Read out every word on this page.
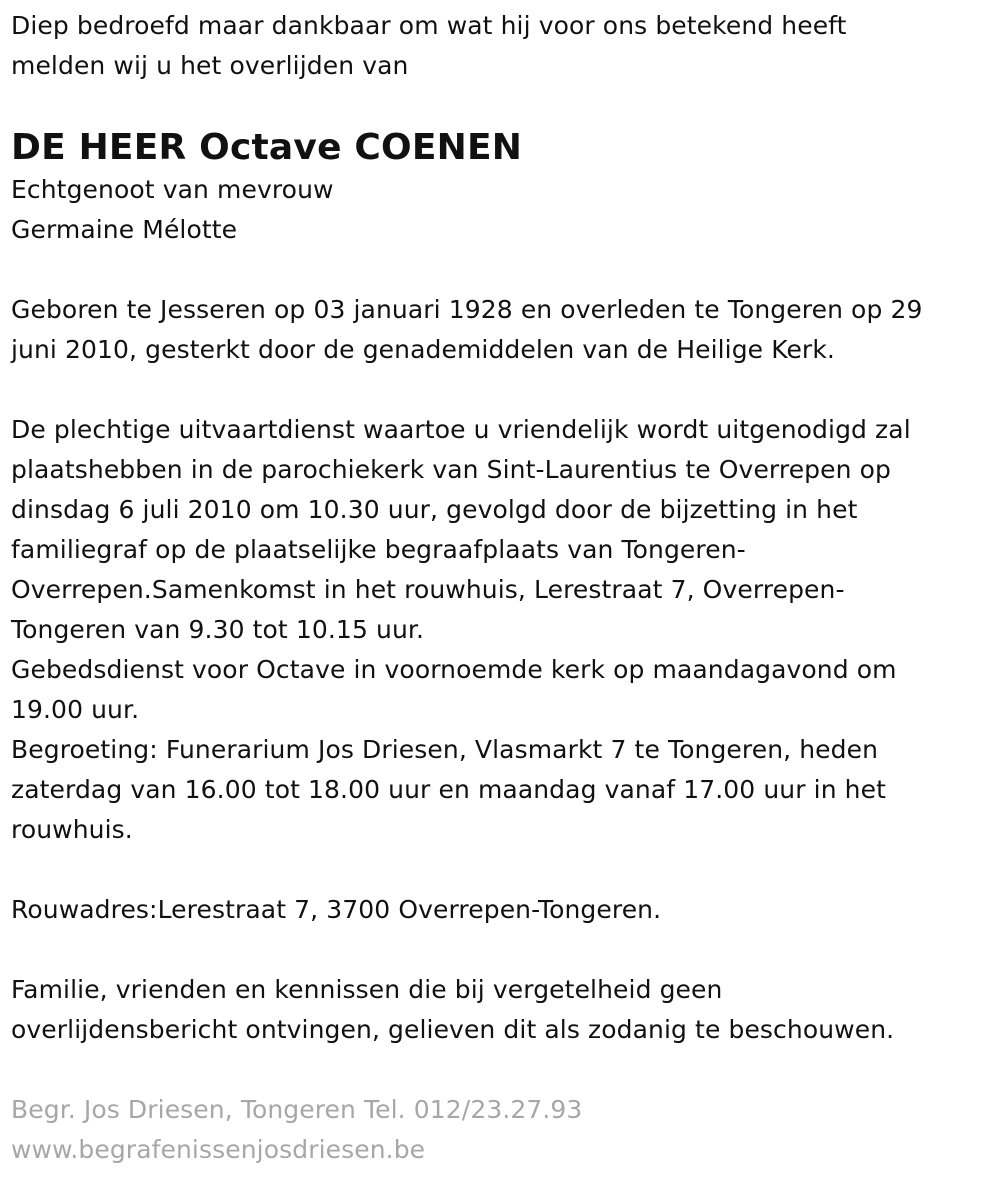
Diep bedroefd maar dankbaar om wat hij voor ons betekend heeft

melden wij u het overlijden van

DE HEER Octave COENEN

Echtgenoot van mevrouw

Germaine Mélotte

Geboren te Jesseren op 03 januari 1928 en overleden te Tongeren op 29

juni 2010, gesterkt door de genademiddelen van de Heilige Kerk.

De plechtige uitvaartdienst waartoe u vriendelijk wordt uitgenodigd zal

plaatshebben in de parochiekerk van Sint-Laurentius te Overrepen op

dinsdag 6 juli 2010 om 10.30 uur, gevolgd door de bijzetting in het

familiegraf op de plaatselijke begraafplaats van Tongeren-

Overrepen.Samenkomst in het rouwhuis, Lerestraat 7, Overrepen-

Tongeren van 9.30 tot 10.15 uur.

Gebedsdienst voor Octave in voornoemde kerk op maandagavond om

19.00 uur.

Begroeting: Funerarium Jos Driesen, Vlasmarkt 7 te Tongeren, heden

zaterdag van 16.00 tot 18.00 uur en maandag vanaf 17.00 uur in het

rouwhuis.

Rouwadres:Lerestraat 7, 3700 Overrepen-Tongeren.

Familie, vrienden en kennissen die bij vergetelheid geen

overlijdensbericht ontvingen, gelieven dit als zodanig te beschouwen.

Begr. Jos Driesen, Tongeren Tel. 012/23.27.93

www.begrafenissenjosdriesen.be
